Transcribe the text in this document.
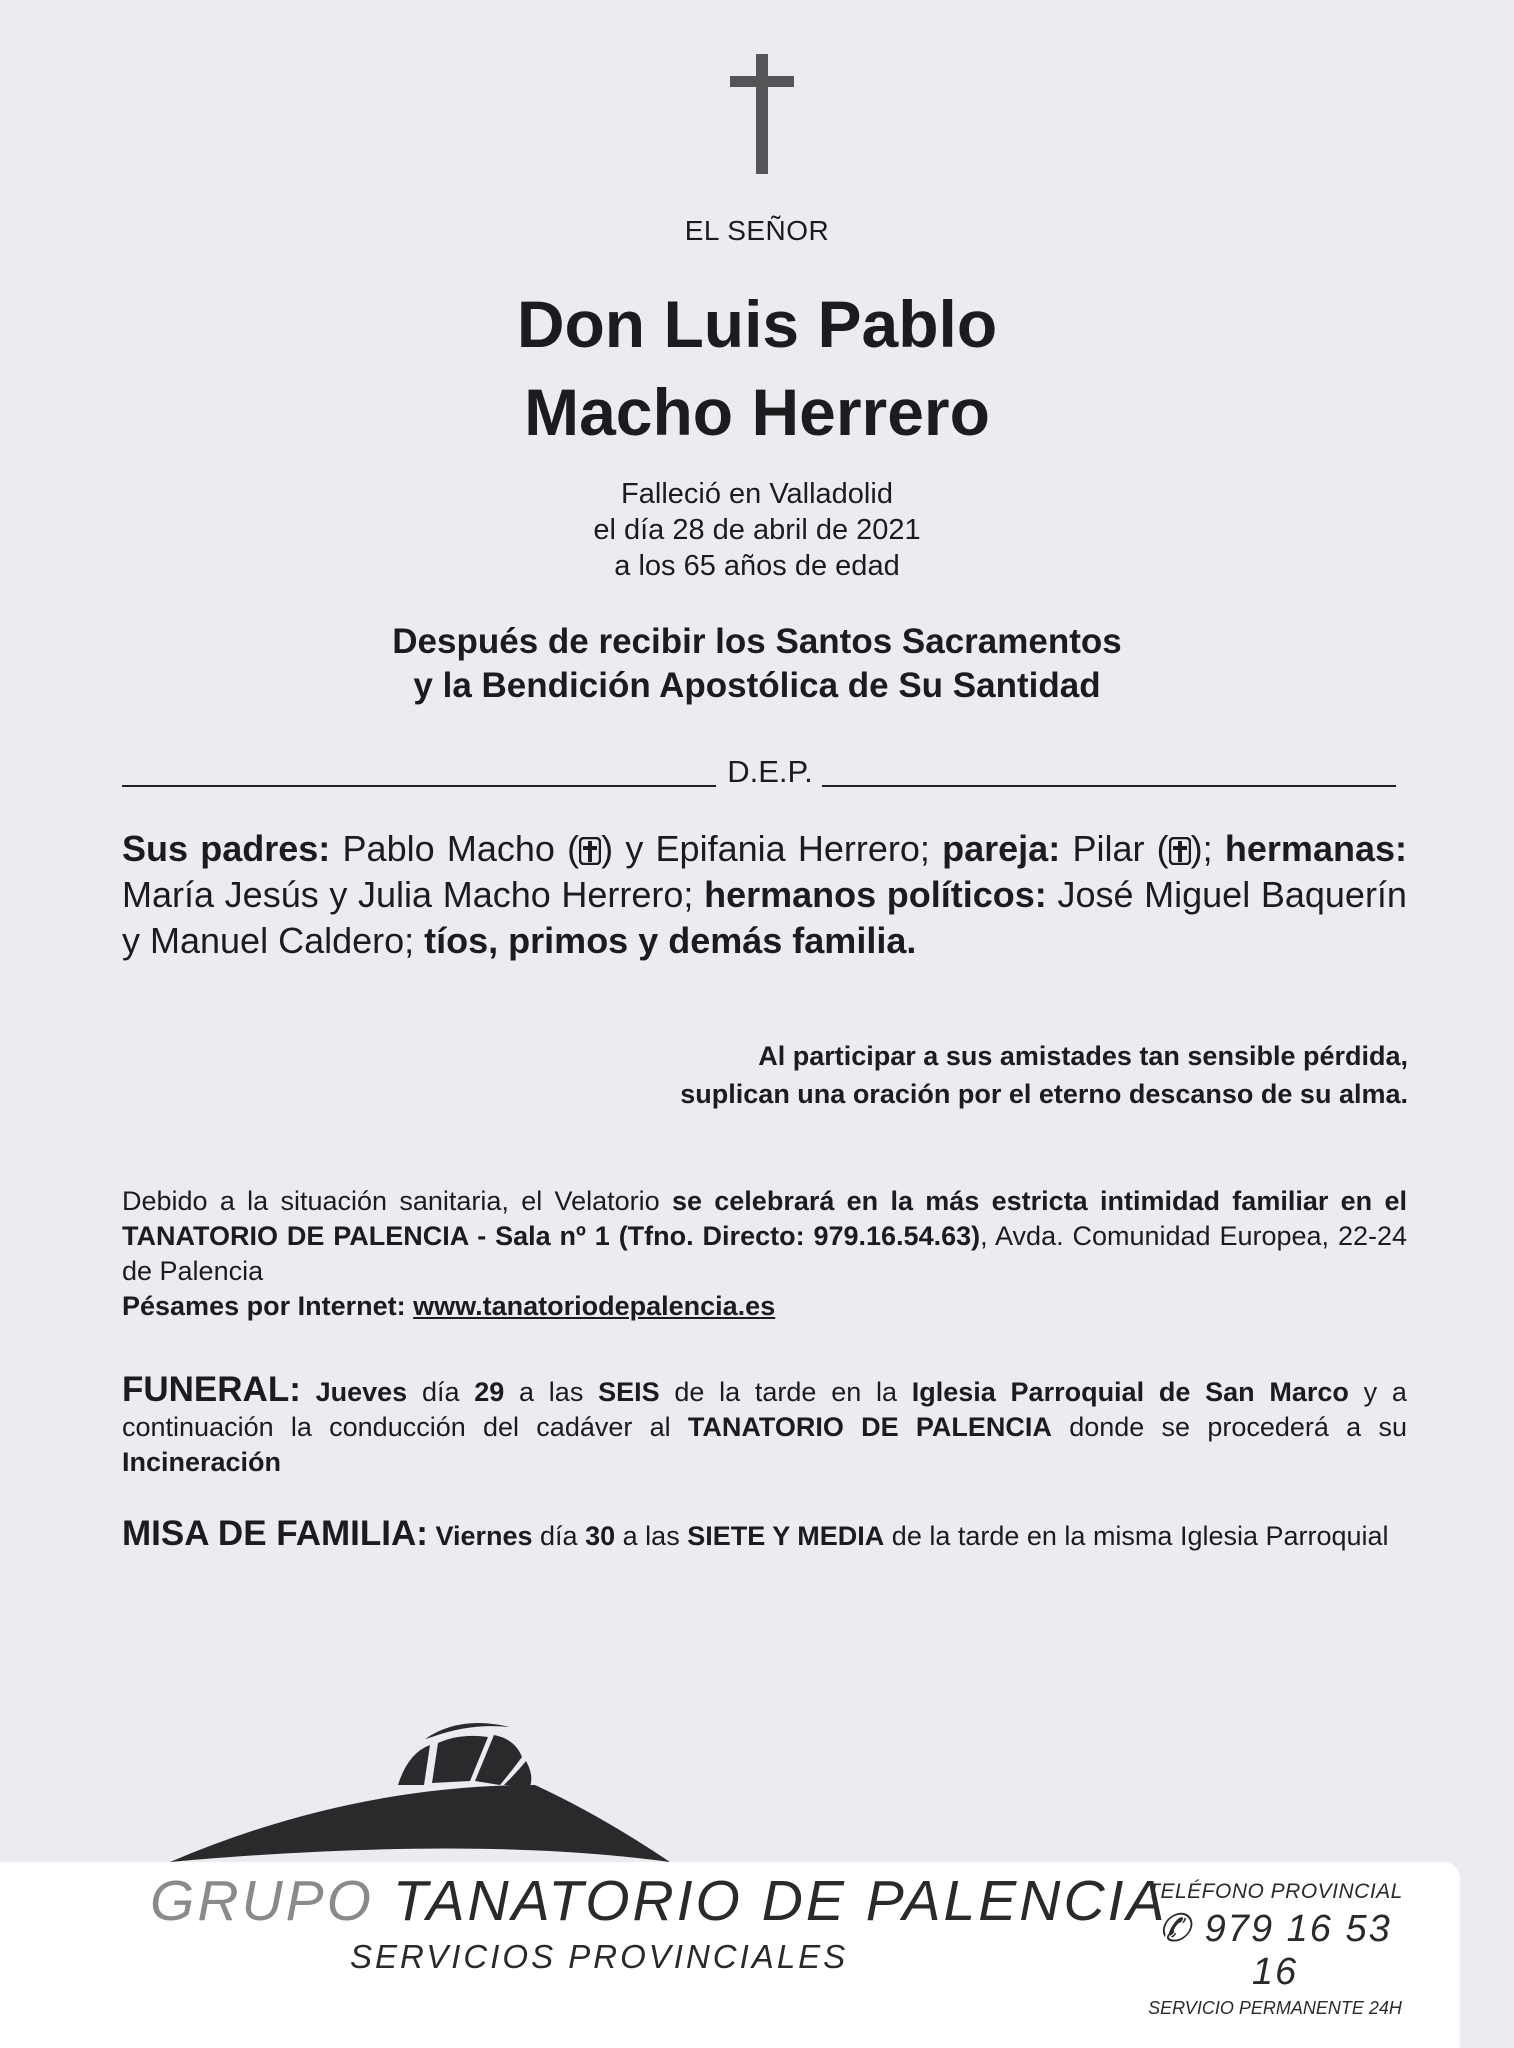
EL SEÑOR
Don Luis Pablo
Macho Herrero
Falleció en Valladolid
el día 28 de abril de 2021
a los 65 años de edad
Después de recibir los Santos Sacramentos
y la Bendición Apostólica de Su Santidad
D.E.P.
Sus padres: Pablo Macho ( ) y Epifania Herrero; pareja: Pilar ( ); hermanas: María Jesús y Julia Macho Herrero; hermanos políticos: José Miguel Baquerín y Manuel Caldero; tíos, primos y demás familia.
Al participar a sus amistades tan sensible pérdida,
suplican una oración por el eterno descanso de su alma.
Debido a la situación sanitaria, el Velatorio se celebrará en la más estricta intimidad familiar en el TANATORIO DE PALENCIA - Sala nº 1 (Tfno. Directo: 979.16.54.63), Avda. Comunidad Europea, 22-24 de Palencia
Pésames por Internet: www.tanatoriodepalencia.es
FUNERAL: Jueves día 29 a las SEIS de la tarde en la Iglesia Parroquial de San Marco y a continuación la conducción del cadáver al TANATORIO DE PALENCIA donde se procederá a su Incineración
MISA DE FAMILIA: Viernes día 30 a las SIETE Y MEDIA de la tarde en la misma Iglesia Parroquial
GRUPO TANATORIO DE PALENCIA
SERVICIOS PROVINCIALES
TELÉFONO PROVINCIAL
✆ 979 16 53 16
SERVICIO PERMANENTE 24H
